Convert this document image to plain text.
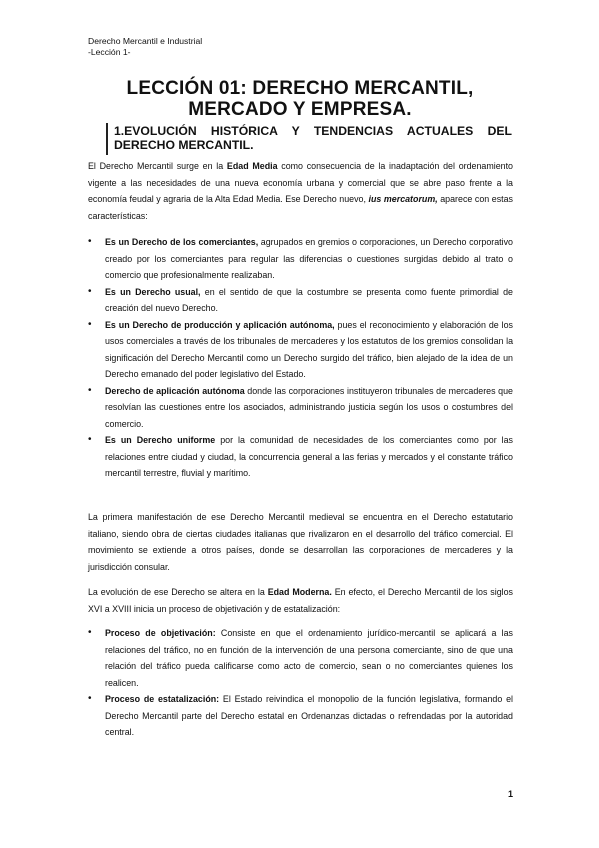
Derecho Mercantil e Industrial
-Lección 1-
LECCIÓN 01: DERECHO MERCANTIL,
MERCADO Y EMPRESA.
1.EVOLUCIÓN HISTÓRICA Y TENDENCIAS ACTUALES DEL DERECHO MERCANTIL.

El Derecho Mercantil surge en la Edad Media como consecuencia de la inadaptación del ordenamiento vigente a las necesidades de una nueva economía urbana y comercial que se abre paso frente a la economía feudal y agraria de la Alta Edad Media. Ese Derecho nuevo, ius mercatorum, aparece con estas características:

• Es un Derecho de los comerciantes, agrupados en gremios o corporaciones, un Derecho corporativo creado por los comerciantes para regular las diferencias o cuestiones surgidas debido al trato o comercio que profesionalmente realizaban.
• Es un Derecho usual, en el sentido de que la costumbre se presenta como fuente primordial de creación del nuevo Derecho.
• Es un Derecho de producción y aplicación autónoma, pues el reconocimiento y elaboración de los usos comerciales a través de los tribunales de mercaderes y los estatutos de los gremios consolidan la significación del Derecho Mercantil como un Derecho surgido del tráfico, bien alejado de la idea de un Derecho emanado del poder legislativo del Estado.
• Derecho de aplicación autónoma donde las corporaciones instituyeron tribunales de mercaderes que resolvían las cuestiones entre los asociados, administrando justicia según los usos o costumbres del comercio.
• Es un Derecho uniforme por la comunidad de necesidades de los comerciantes como por las relaciones entre ciudad y ciudad, la concurrencia general a las ferias y mercados y el constante tráfico mercantil terrestre, fluvial y marítimo.

La primera manifestación de ese Derecho Mercantil medieval se encuentra en el Derecho estatutario italiano, siendo obra de ciertas ciudades italianas que rivalizaron en el desarrollo del tráfico comercial. El movimiento se extiende a otros países, donde se desarrollan las corporaciones de mercaderes y la jurisdicción consular.

La evolución de ese Derecho se altera en la Edad Moderna. En efecto, el Derecho Mercantil de los siglos XVI a XVIII inicia un proceso de objetivación y de estatalización:

• Proceso de objetivación: Consiste en que el ordenamiento jurídico-mercantil se aplicará a las relaciones del tráfico, no en función de la intervención de una persona comerciante, sino de que una relación del tráfico pueda calificarse como acto de comercio, sean o no comerciantes quienes los realicen.
• Proceso de estatalización: El Estado reivindica el monopolio de la función legislativa, formando el Derecho Mercantil parte del Derecho estatal en Ordenanzas dictadas o refrendadas por la autoridad central.
1
